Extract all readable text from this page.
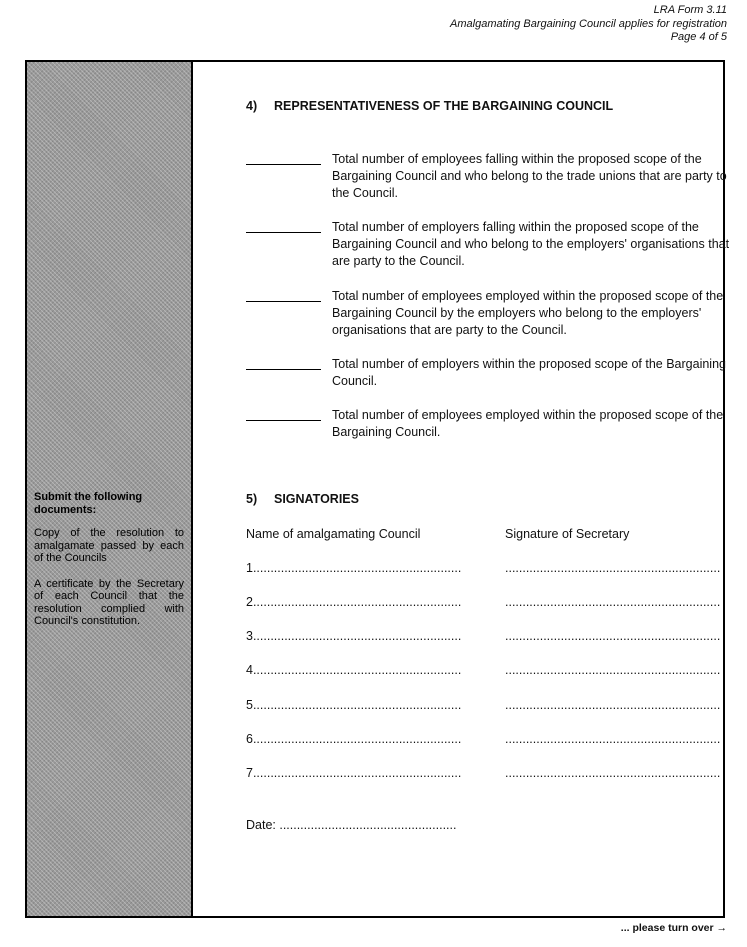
LRA Form 3.11
Amalgamating Bargaining Council applies for registration
Page 4 of 5

Submit the following documents:

Copy of the resolution to amalgamate passed by each of the Councils

A certificate by the Secretary of each Council that the resolution complied with Council's constitution.

4) REPRESENTATIVENESS OF THE BARGAINING COUNCIL
Total number of employees falling within the proposed scope of the Bargaining Council and who belong to the trade unions that are party to the Council.
Total number of employers falling within the proposed scope of the Bargaining Council and who belong to the employers' organisations that are party to the Council.
Total number of employees employed within the proposed scope of the Bargaining Council by the employers who belong to the employers' organisations that are party to the Council.
Total number of employers within the proposed scope of the Bargaining Council.
Total number of employees employed within the proposed scope of the Bargaining Council.
5) SIGNATORIES
Name of amalgamating Council	Signature of Secretary
1............................................................	..............................................................
2............................................................	..............................................................
3............................................................	..............................................................
4............................................................	..............................................................
5............................................................	..............................................................
6............................................................	..............................................................
7............................................................	..............................................................
Date: ...................................................
... please turn over →
